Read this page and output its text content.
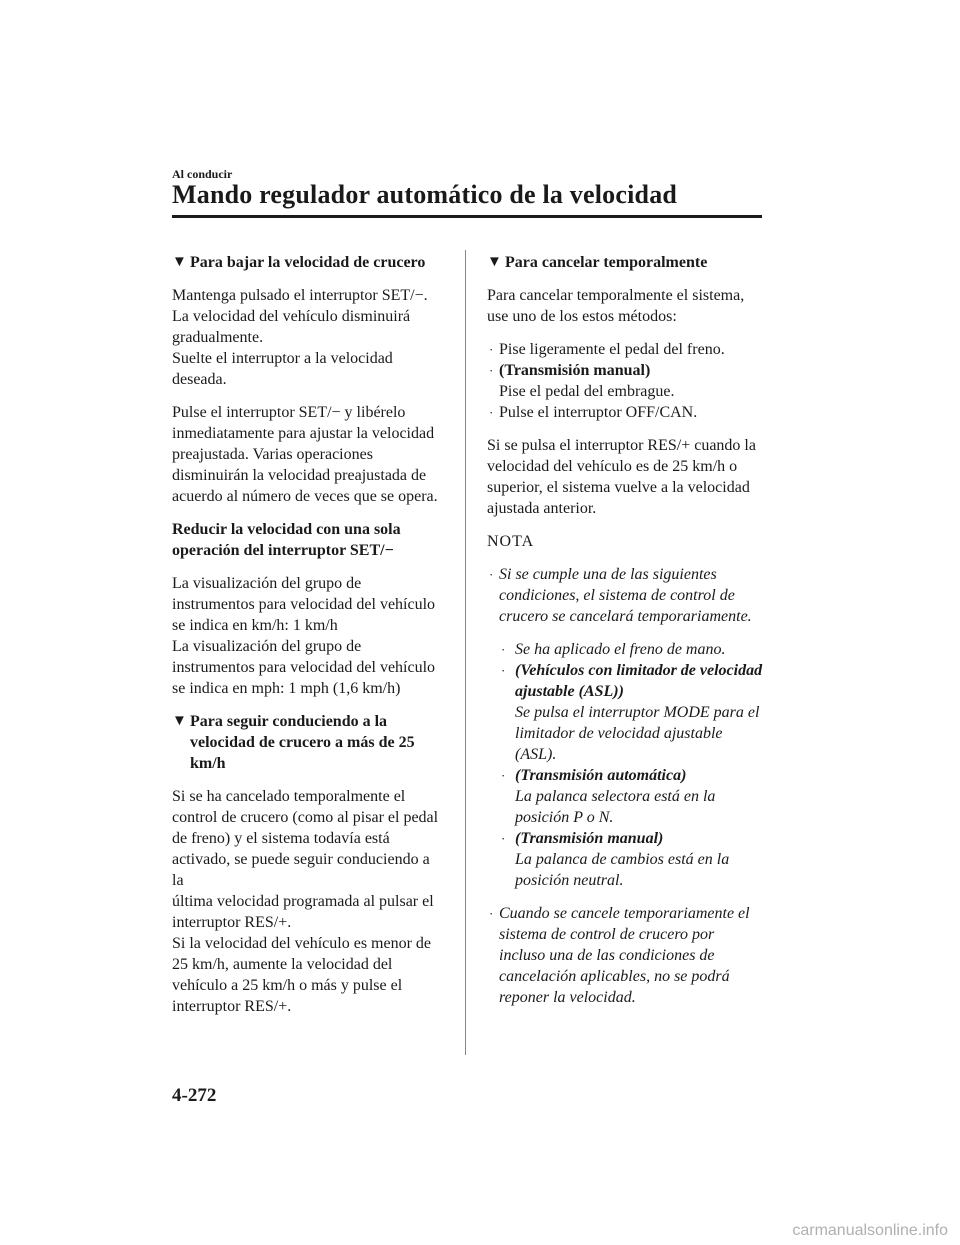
Al conducir
Mando regulador automático de la velocidad
▼ Para bajar la velocidad de crucero
Mantenga pulsado el interruptor SET/−.
La velocidad del vehículo disminuirá
gradualmente.
Suelte el interruptor a la velocidad
deseada.
Pulse el interruptor SET/− y libérelo
inmediatamente para ajustar la velocidad
preajustada. Varias operaciones
disminuirán la velocidad preajustada de
acuerdo al número de veces que se opera.
Reducir la velocidad con una sola
operación del interruptor SET/−
La visualización del grupo de
instrumentos para velocidad del vehículo
se indica en km/h: 1 km/h
La visualización del grupo de
instrumentos para velocidad del vehículo
se indica en mph: 1 mph (1,6 km/h)
▼ Para seguir conduciendo a la
velocidad de crucero a más de 25
km/h
Si se ha cancelado temporalmente el
control de crucero (como al pisar el pedal
de freno) y el sistema todavía está
activado, se puede seguir conduciendo a la
última velocidad programada al pulsar el
interruptor RES/+.
Si la velocidad del vehículo es menor de
25 km/h, aumente la velocidad del
vehículo a 25 km/h o más y pulse el
interruptor RES/+.
▼ Para cancelar temporalmente
Para cancelar temporalmente el sistema,
use uno de los estos métodos:
· Pise ligeramente el pedal del freno.
· (Transmisión manual)
Pise el pedal del embrague.
· Pulse el interruptor OFF/CAN.
Si se pulsa el interruptor RES/+ cuando la
velocidad del vehículo es de 25 km/h o
superior, el sistema vuelve a la velocidad
ajustada anterior.
NOTA
· Si se cumple una de las siguientes
condiciones, el sistema de control de
crucero se cancelará temporariamente.
· Se ha aplicado el freno de mano.
· (Vehículos con limitador de velocidad
ajustable (ASL))
Se pulsa el interruptor MODE para el
limitador de velocidad ajustable
(ASL).
· (Transmisión automática)
La palanca selectora está en la
posición P o N.
· (Transmisión manual)
La palanca de cambios está en la
posición neutral.
· Cuando se cancele temporariamente el
sistema de control de crucero por
incluso una de las condiciones de
cancelación aplicables, no se podrá
reponer la velocidad.
4-272
carmanualsonline.info
